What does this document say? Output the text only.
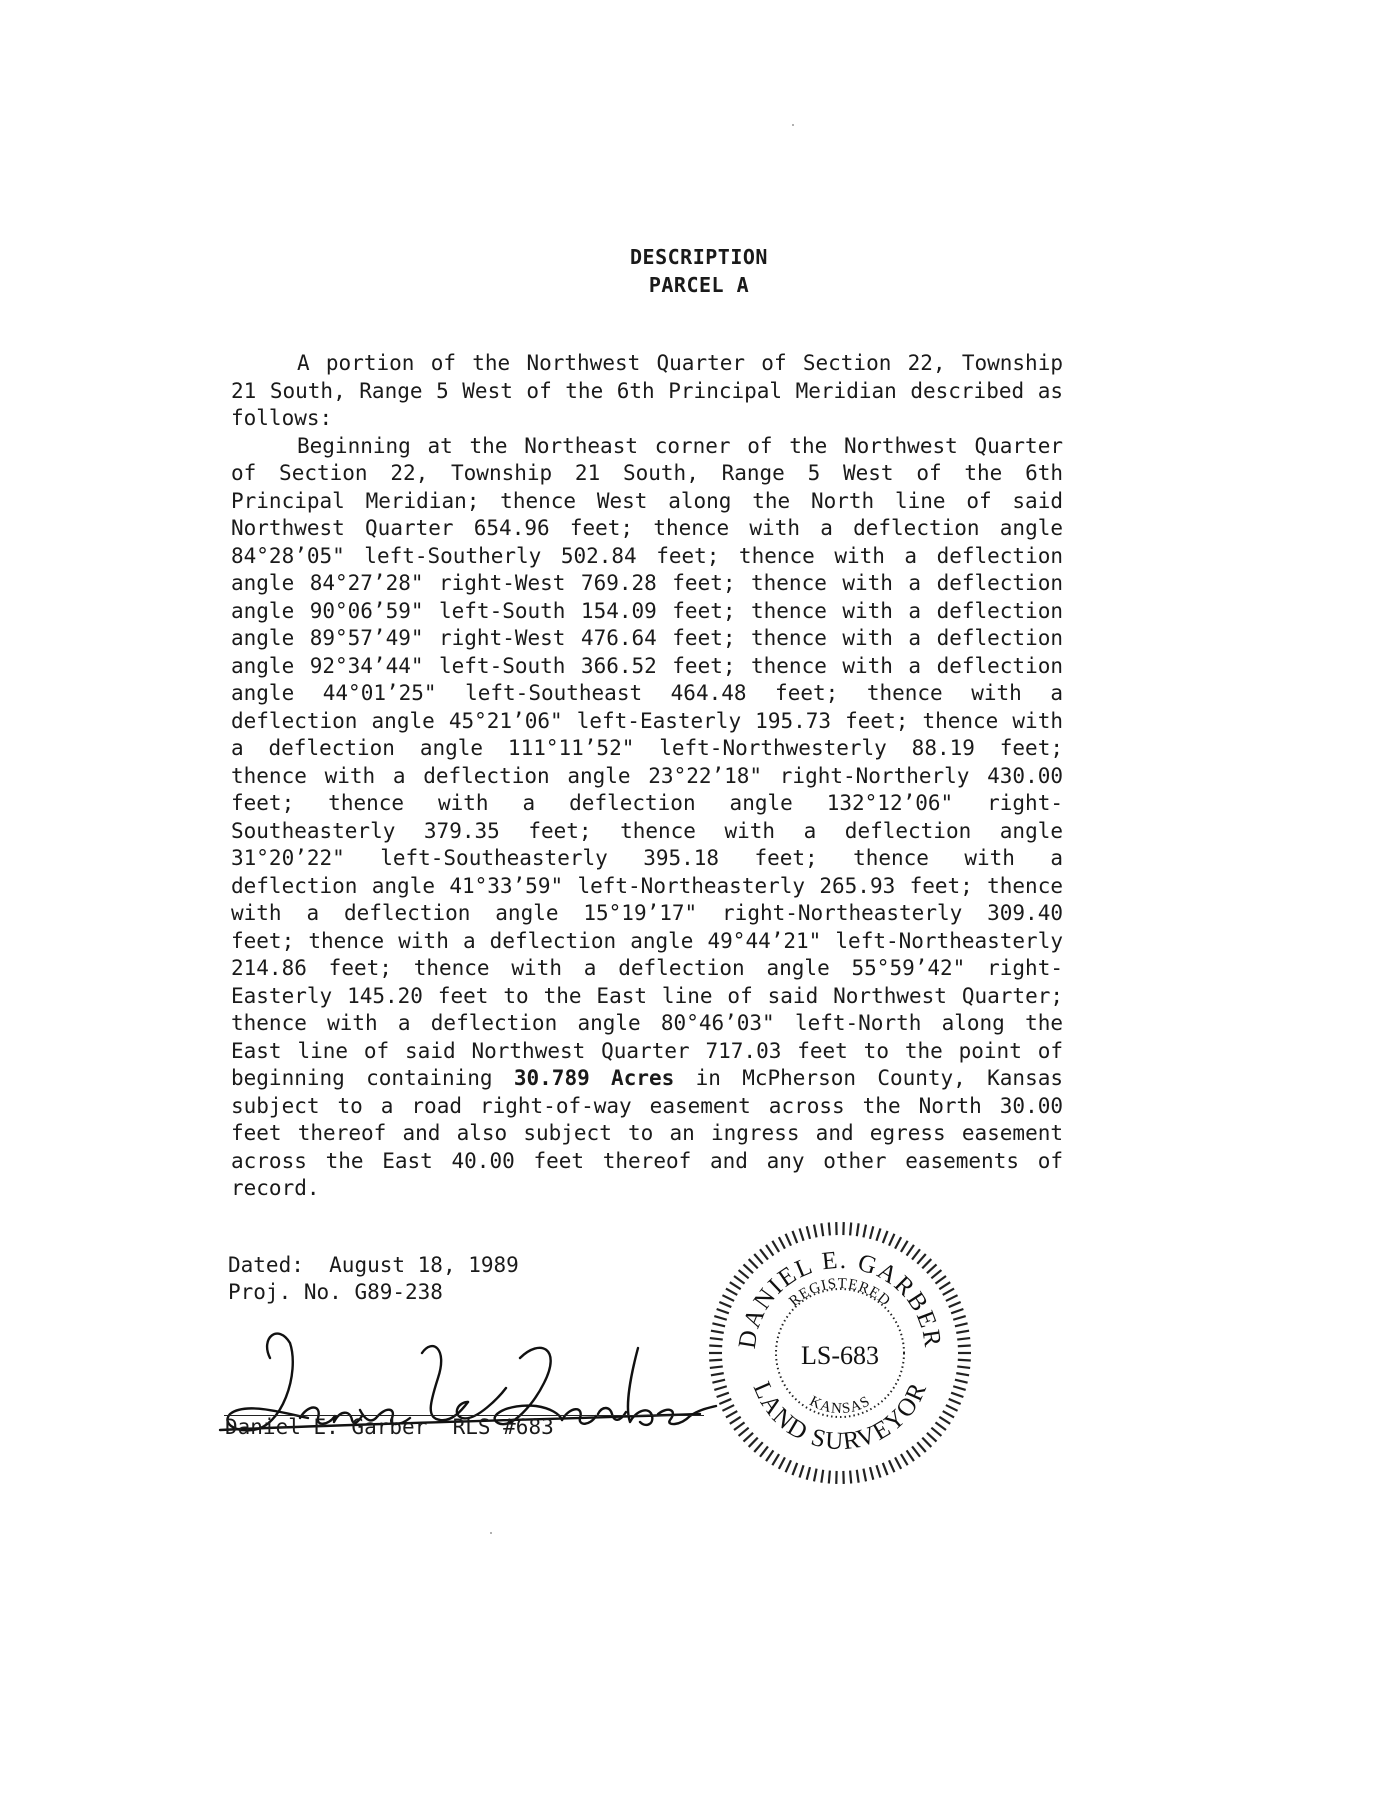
DESCRIPTION
PARCEL A

A portion of the Northwest Quarter of Section 22, Township 21 South, Range 5 West of the 6th Principal Meridian described as follows:

Beginning at the Northeast corner of the Northwest Quarter of Section 22, Township 21 South, Range 5 West of the 6th Principal Meridian; thence West along the North line of said Northwest Quarter 654.96 feet; thence with a deflection angle 84°28’05" left-Southerly 502.84 feet; thence with a deflection angle 84°27’28" right-West 769.28 feet; thence with a deflection angle 90°06’59" left-South 154.09 feet; thence with a deflection angle 89°57’49" right-West 476.64 feet; thence with a deflection angle 92°34’44" left-South 366.52 feet; thence with a deflection angle 44°01’25" left-Southeast 464.48 feet; thence with a deflection angle 45°21’06" left-Easterly 195.73 feet; thence with a deflection angle 111°11’52" left-Northwesterly 88.19 feet; thence with a deflection angle 23°22’18" right-Northerly 430.00 feet; thence with a deflection angle 132°12’06" right-Southeasterly 379.35 feet; thence with a deflection angle 31°20’22" left-Southeasterly 395.18 feet; thence with a deflection angle 41°33’59" left-Northeasterly 265.93 feet; thence with a deflection angle 15°19’17" right-Northeasterly 309.40 feet; thence with a deflection angle 49°44’21" left-Northeasterly 214.86 feet; thence with a deflection angle 55°59’42" right-Easterly 145.20 feet to the East line of said Northwest Quarter; thence with a deflection angle 80°46’03" left-North along the East line of said Northwest Quarter 717.03 feet to the point of beginning containing 30.789 Acres in McPherson County, Kansas subject to a road right-of-way easement across the North 30.00 feet thereof and also subject to an ingress and egress easement across the East 40.00 feet thereof and any other easements of record.

Dated: August 18, 1989
Proj. No. G89-238
Daniel E. Garber RLS #683
DANIEL E. GARBER
LAND SURVEYOR
REGISTERED
KANSAS
LS-683
